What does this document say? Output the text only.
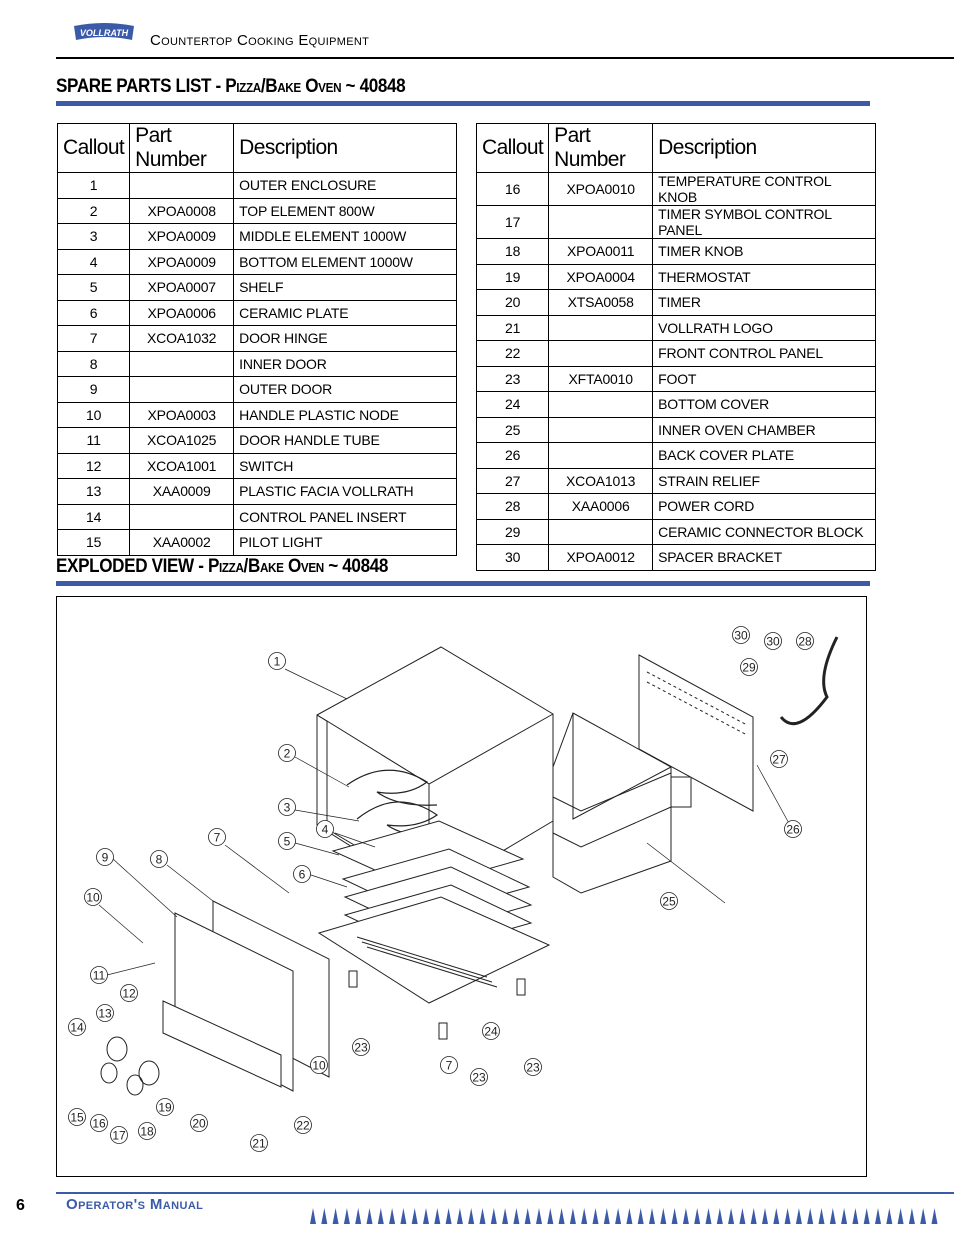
VOLLRATH Countertop Cooking Equipment
SPARE PARTS LIST - Pizza/Bake Oven ~ 40848
Callout	Part Number	Description
1		OUTER ENCLOSURE
2	XPOA0008	TOP ELEMENT 800W
3	XPOA0009	MIDDLE ELEMENT 1000W
4	XPOA0009	BOTTOM ELEMENT 1000W
5	XPOA0007	SHELF
6	XPOA0006	CERAMIC PLATE
7	XCOA1032	DOOR HINGE
8		INNER DOOR
9		OUTER DOOR
10	XPOA0003	HANDLE PLASTIC NODE
11	XCOA1025	DOOR HANDLE TUBE
12	XCOA1001	SWITCH
13	XAA0009	PLASTIC FACIA VOLLRATH
14		CONTROL PANEL INSERT
15	XAA0002	PILOT LIGHT
Callout	Part Number	Description
16	XPOA0010	TEMPERATURE CONTROL KNOB
17		TIMER SYMBOL CONTROL PANEL
18	XPOA0011	TIMER KNOB
19	XPOA0004	THERMOSTAT
20	XTSA0058	TIMER
21		VOLLRATH LOGO
22		FRONT CONTROL PANEL
23	XFTA0010	FOOT
24		BOTTOM COVER
25		INNER OVEN CHAMBER
26		BACK COVER PLATE
27	XCOA1013	STRAIN RELIEF
28	XAA0006	POWER CORD
29		CERAMIC CONNECTOR BLOCK
30	XPOA0012	SPACER BRACKET
EXPLODED VIEW - Pizza/Bake Oven ~ 40848
1
2
3
4
5
6
7
7
8
9
10
10
11
12
13
14
15 16
17 18
19
20
21
22
23
23
23
24
25
26
27
28
29
30 30
6	Operator's Manual
